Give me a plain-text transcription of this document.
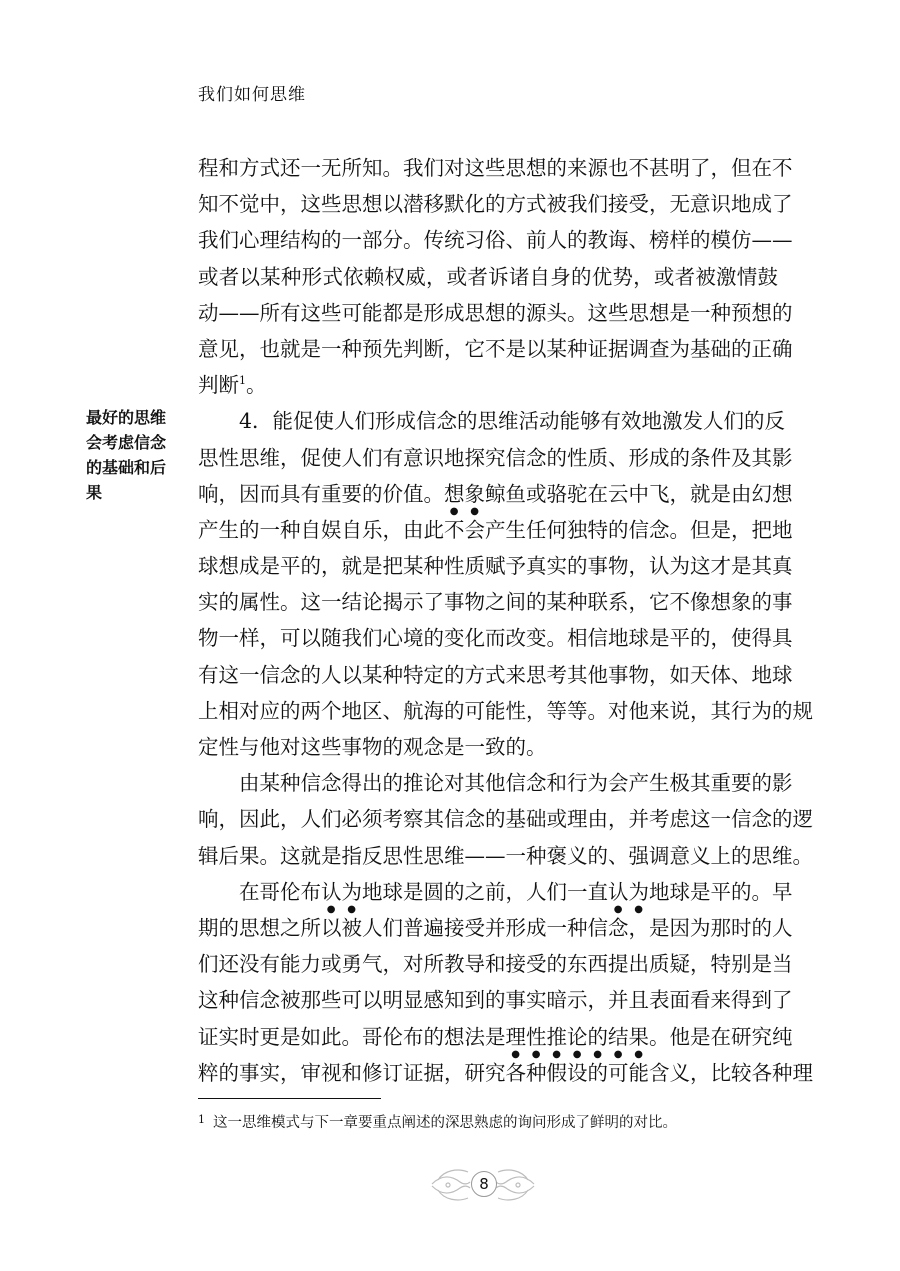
我们如何思维
最好的思维
会考虑信念
的基础和后
果
程和方式还一无所知。我们对这些思想的来源也不甚明了，但在不
知不觉中，这些思想以潜移默化的方式被我们接受，无意识地成了
我们心理结构的一部分。传统习俗、前人的教诲、榜样的模仿——
或者以某种形式依赖权威，或者诉诸自身的优势，或者被激情鼓
动——所有这些可能都是形成思想的源头。这些思想是一种预想的
意见，也就是一种预先判断，它不是以某种证据调查为基础的正确
判断$^1$。
4．能促使人们形成信念的思维活动能够有效地激发人们的反
思性思维，促使人们有意识地探究信念的性质、形成的条件及其影
响，因而具有重要的价值。想象鲸鱼或骆驼在云中飞，就是由幻想
产生的一种自娱自乐，由此不会产生任何独特的信念。但是，把地
球想成是平的，就是把某种性质赋予真实的事物，认为这才是其真
实的属性。这一结论揭示了事物之间的某种联系，它不像想象的事
物一样，可以随我们心境的变化而改变。相信地球是平的，使得具
有这一信念的人以某种特定的方式来思考其他事物，如天体、地球
上相对应的两个地区、航海的可能性，等等。对他来说，其行为的规
定性与他对这些事物的观念是一致的。
由某种信念得出的推论对其他信念和行为会产生极其重要的影
响，因此，人们必须考察其信念的基础或理由，并考虑这一信念的逻
辑后果。这就是指反思性思维——一种褒义的、强调意义上的思维。
在哥伦布认为地球是圆的之前，人们一直认为地球是平的。早
期的思想之所以被人们普遍接受并形成一种信念，是因为那时的人
们还没有能力或勇气，对所教导和接受的东西提出质疑，特别是当
这种信念被那些可以明显感知到的事实暗示，并且表面看来得到了
证实时更是如此。哥伦布的想法是理性推论的结果。他是在研究纯
粹的事实，审视和修订证据，研究各种假设的可能含义，比较各种理
$^1$ 这一思维模式与下一章要重点阐述的深思熟虑的询问形成了鲜明的对比。
8
